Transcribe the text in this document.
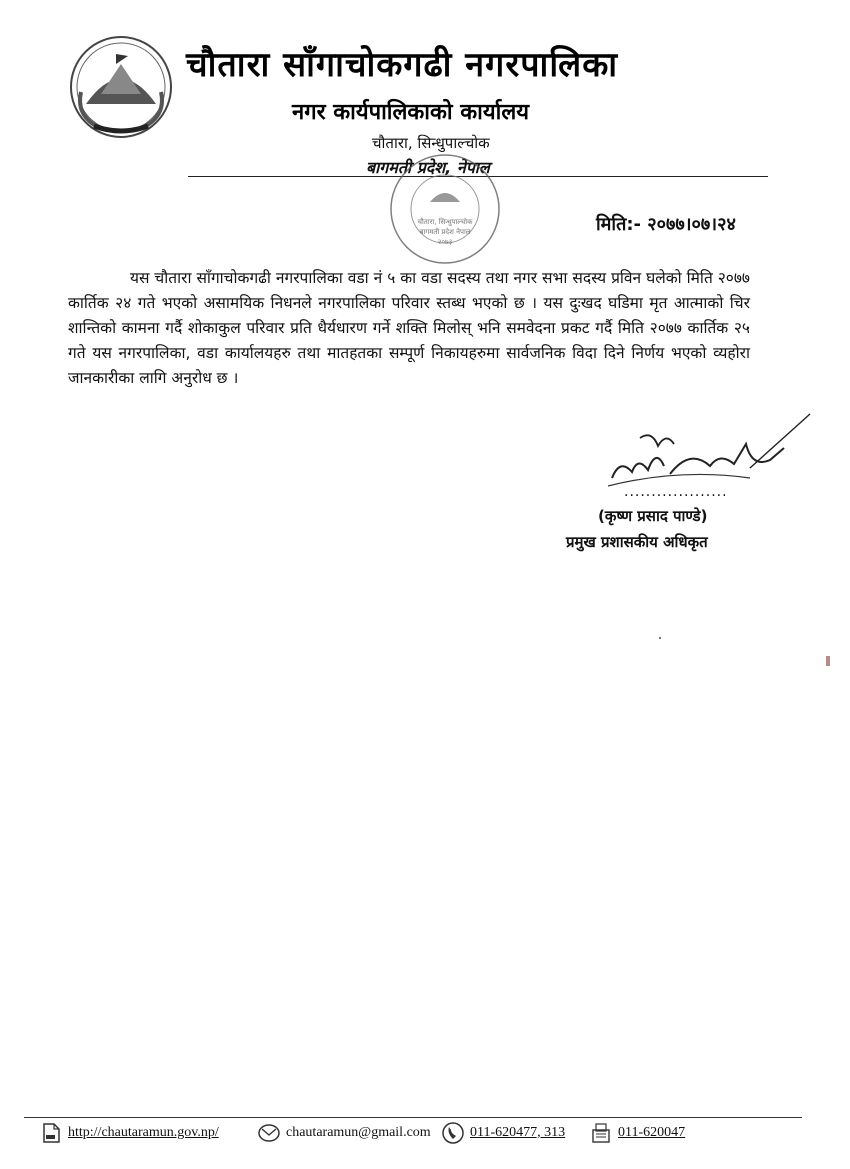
चौतारा साँगाचोकगढी नगरपालिका
नगर कार्यपालिकाको कार्यालय
चौतारा, सिन्धुपाल्चोक
बागमती प्रदेश, नेपाल
चौतारा, सिन्धुपाल्चोक
बागमती प्रदेश नेपाल
२०७३
मिति:- २०७७।०७।२४

यस चौतारा साँगाचोकगढी नगरपालिका वडा नं ५ का वडा सदस्य तथा नगर सभा सदस्य प्रविन घलेको मिति २०७७ कार्तिक २४ गते भएको असामयिक निधनले नगरपालिका परिवार स्तब्ध भएको छ । यस दुःखद घडिमा मृत आत्माको चिर शान्तिको कामना गर्दै शोकाकुल परिवार प्रति धैर्यधारण गर्ने शक्ति मिलोस् भनि समवेदना प्रकट गर्दै मिति २०७७ कार्तिक २५ गते यस नगरपालिका, वडा कार्यालयहरु तथा मातहतका सम्पूर्ण निकायहरुमा सार्वजनिक विदा दिने निर्णय भएको व्यहोरा जानकारीका लागि अनुरोध छ ।

...................
(कृष्ण प्रसाद पाण्डे)
प्रमुख प्रशासकीय अधिकृत
http://chautaramun.gov.np/	chautaramun@gmail.com	011-620477, 313	011-620047
